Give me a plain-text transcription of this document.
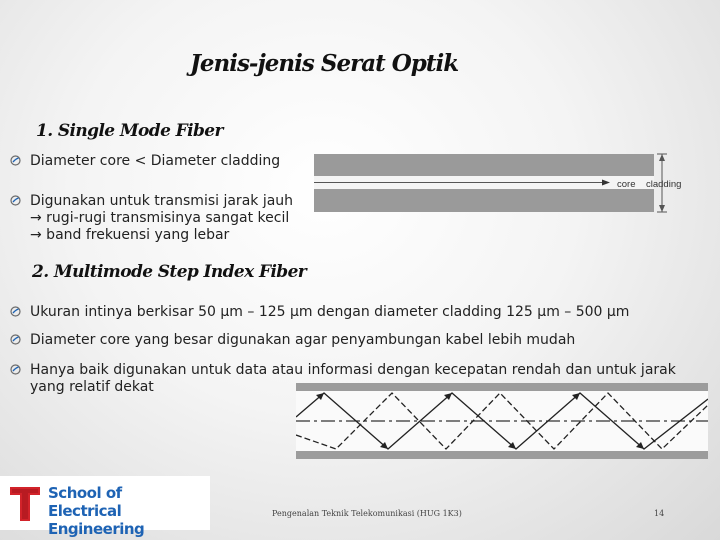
Jenis-jenis Serat Optik
1. Single Mode Fiber
Diameter core < Diameter cladding
Digunakan untuk transmisi jarak jauh
→ rugi-rugi transmisinya sangat kecil
→ band frekuensi yang lebar
core cladding
2. Multimode Step Index Fiber
Ukuran intinya berkisar 50 μm – 125 μm dengan diameter cladding 125 μm – 500 μm
Diameter core yang besar digunakan agar penyambungan kabel lebih mudah
Hanya baik digunakan untuk data atau informasi dengan kecepatan rendah dan untuk jarak
yang relatif dekat
School of
Electrical Engineering
Pengenalan Teknik Telekomunikasi (HUG 1K3)	14
